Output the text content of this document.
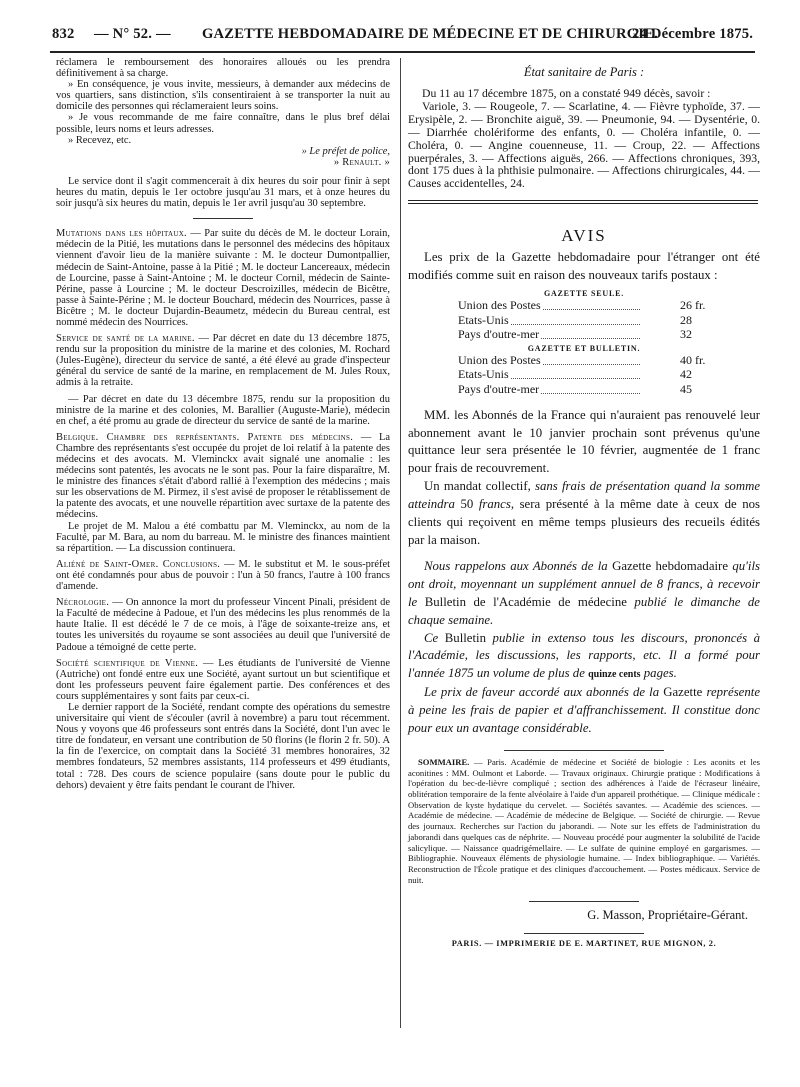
832 — N° 52. — GAZETTE HEBDOMADAIRE DE MÉDECINE ET DE CHIRURGIE.
24 Décembre 1875.

réclamera le remboursement des honoraires alloués ou les prendra définitivement à sa charge.

» En conséquence, je vous invite, messieurs, à demander aux médecins de vos quartiers, sans distinction, s'ils consentiraient à se transporter la nuit au domicile des personnes qui réclameraient leurs soins.

» Je vous recommande de me faire connaître, dans le plus bref délai possible, leurs noms et leurs adresses.

» Recevez, etc.

» Le préfet de police,

» Renault. »

Le service dont il s'agit commencerait à dix heures du soir pour finir à sept heures du matin, depuis le 1er octobre jusqu'au 31 mars, et à onze heures du soir jusqu'à six heures du matin, depuis le 1er avril jusqu'au 30 septembre.

Mutations dans les hôpitaux. — Par suite du décès de M. le docteur Lorain, médecin de la Pitié, les mutations dans le personnel des médecins des hôpitaux viennent d'avoir lieu de la manière suivante : M. le docteur Dumontpallier, médecin de Saint-Antoine, passe à la Pitié ; M. le docteur Lancereaux, médecin de Lourcine, passe à Saint-Antoine ; M. le docteur Cornil, médecin de Sainte-Périne, passe à Lourcine ; M. le docteur Descroizilles, médecin de Bicêtre, passe à Sainte-Périne ; M. le docteur Bouchard, médecin des Nourrices, passe à Bicêtre ; M. le docteur Dujardin-Beaumetz, médecin du Bureau central, est nommé médecin des Nourrices.

Service de santé de la marine. — Par décret en date du 13 décembre 1875, rendu sur la proposition du ministre de la marine et des colonies, M. Rochard (Jules-Eugène), directeur du service de santé, a été élevé au grade d'inspecteur général du service de santé de la marine, en remplacement de M. Jules Roux, admis à la retraite.

— Par décret en date du 13 décembre 1875, rendu sur la proposition du ministre de la marine et des colonies, M. Barallier (Auguste-Marie), médecin en chef, a été promu au grade de directeur du service de santé de la marine.

Belgique. Chambre des représentants. Patente des médecins. — La Chambre des représentants s'est occupée du projet de loi relatif à la patente des médecins et des avocats. M. Vleminckx avait signalé une anomalie : les médecins sont patentés, les avocats ne le sont pas. Pour la faire disparaître, M. le ministre des finances s'était d'abord rallié à l'exemption des médecins ; mais sur les observations de M. Pirmez, il s'est avisé de proposer le rétablissement de la patente des avocats, et une nouvelle répartition avec surtaxe de la patente des médecins.

Le projet de M. Malou a été combattu par M. Vleminckx, au nom de la Faculté, par M. Bara, au nom du barreau. M. le ministre des finances maintient sa répartition. — La discussion continuera.

Aliéné de Saint-Omer. Conclusions. — M. le substitut et M. le sous-préfet ont été condamnés pour abus de pouvoir : l'un à 50 francs, l'autre à 100 francs d'amende.

Nécrologie. — On annonce la mort du professeur Vincent Pinali, président de la Faculté de médecine à Padoue, et l'un des médecins les plus renommés de la haute Italie. Il est décédé le 7 de ce mois, à l'âge de soixante-treize ans, et toutes les universités du royaume se sont associées au deuil que l'université de Padoue a témoigné de cette perte.

Société scientifique de Vienne. — Les étudiants de l'université de Vienne (Autriche) ont fondé entre eux une Société, ayant surtout un but scientifique et dont les professeurs peuvent faire également partie. Des conférences et des cours supplémentaires y sont faits par ceux-ci.

Le dernier rapport de la Société, rendant compte des opérations du semestre universitaire qui vient de s'écouler (avril à novembre) a paru tout récemment. Nous y voyons que 46 professeurs sont entrés dans la Société, dont l'un avec le titre de fondateur, en versant une contribution de 50 florins (le florin 2 fr. 50). A la fin de l'exercice, on comptait dans la Société 31 membres honoraires, 32 membres fondateurs, 52 membres assistants, 114 professeurs et 499 étudiants, total : 728. Des cours de science populaire (sans doute pour le public du dehors) devaient y être faits pendant le courant de l'hiver.

État sanitaire de Paris :

Du 11 au 17 décembre 1875, on a constaté 949 décès, savoir :

Variole, 3. — Rougeole, 7. — Scarlatine, 4. — Fièvre typhoïde, 37. — Erysipèle, 2. — Bronchite aiguë, 39. — Pneumonie, 94. — Dysentérie, 0. — Diarrhée cholériforme des enfants, 0. — Choléra infantile, 0. — Choléra, 0. — Angine couenneuse, 11. — Croup, 22. — Affections puerpérales, 3. — Affections aiguës, 266. — Affections chroniques, 393, dont 175 dues à la phthisie pulmonaire. — Affections chirurgicales, 44. — Causes accidentelles, 24.

AVIS

Les prix de la Gazette hebdomadaire pour l'étranger ont été modifiés comme suit en raison des nouveaux tarifs postaux :

GAZETTE SEULE.
Union des Postes	26 fr.
Etats-Unis	28
Pays d'outre-mer	32
GAZETTE ET BULLETIN.
Union des Postes	40 fr.
Etats-Unis	42
Pays d'outre-mer	45

MM. les Abonnés de la France qui n'auraient pas renouvelé leur abonnement avant le 10 janvier prochain sont prévenus qu'une quittance leur sera présentée le 10 février, augmentée de 1 franc pour frais de recouvrement.

Un mandat collectif, sans frais de présentation quand la somme atteindra 50 francs, sera présenté à la même date à ceux de nos clients qui reçoivent en même temps plusieurs des recueils édités par la maison.

Nous rappelons aux Abonnés de la Gazette hebdomadaire qu'ils ont droit, moyennant un supplément annuel de 8 francs, à recevoir le Bulletin de l'Académie de médecine publié le dimanche de chaque semaine.

Ce Bulletin publie in extenso tous les discours, prononcés à l'Académie, les discussions, les rapports, etc. Il a formé pour l'année 1875 un volume de plus de quinze cents pages.

Le prix de faveur accordé aux abonnés de la Gazette représente à peine les frais de papier et d'affranchissement. Il constitue donc pour eux un avantage considérable.

SOMMAIRE. — Paris. Académie de médecine et Société de biologie : Les aconits et les aconitines : MM. Oulmont et Laborde. — Travaux originaux. Chirurgie pratique : Modifications à l'opération du bec-de-lièvre compliqué ; section des adhérences à l'aide de l'écraseur linéaire, oblitération temporaire de la fente alvéolaire à l'aide d'un appareil prothétique. — Clinique médicale : Observation de kyste hydatique du cervelet. — Sociétés savantes. — Académie des sciences. — Académie de médecine. — Académie de médecine de Belgique. — Société de chirurgie. — Revue des journaux. Recherches sur l'action du jaborandi. — Note sur les effets de l'administration du jaborandi dans quelques cas de néphrite. — Nouveau procédé pour augmenter la solubilité de l'acide salicylique. — Naissance quadrigémellaire. — Le sulfate de quinine employé en gargarismes. — Bibliographie. Nouveaux éléments de physiologie humaine. — Index bibliographique. — Variétés. Reconstruction de l'École pratique et des cliniques d'accouchement. — Postes médicaux. Service de nuit.

G. Masson, Propriétaire-Gérant.
PARIS. — IMPRIMERIE DE E. MARTINET, RUE MIGNON, 2.
